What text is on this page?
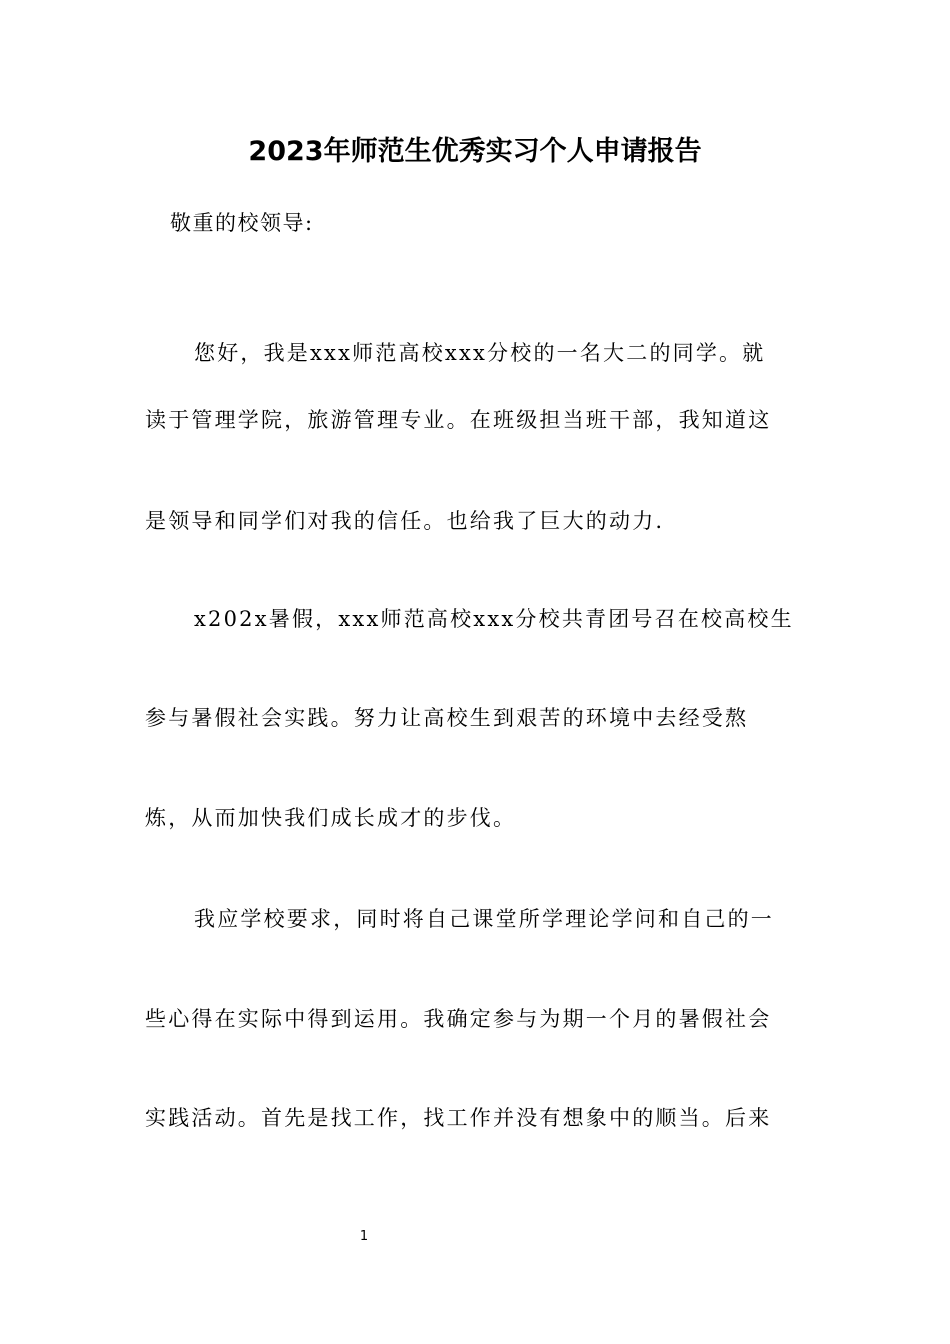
2023年师范生优秀实习个人申请报告
敬重的校领导:
您好，我是xxx师范高校xxx分校的一名大二的同学。就
读于管理学院，旅游管理专业。在班级担当班干部，我知道这
是领导和同学们对我的信任。也给我了巨大的动力.
x202x暑假，xxx师范高校xxx分校共青团号召在校高校生
参与暑假社会实践。努力让高校生到艰苦的环境中去经受熬
炼，从而加快我们成长成才的步伐。
我应学校要求，同时将自己课堂所学理论学问和自己的一
些心得在实际中得到运用。我确定参与为期一个月的暑假社会
实践活动。首先是找工作，找工作并没有想象中的顺当。后来
1
